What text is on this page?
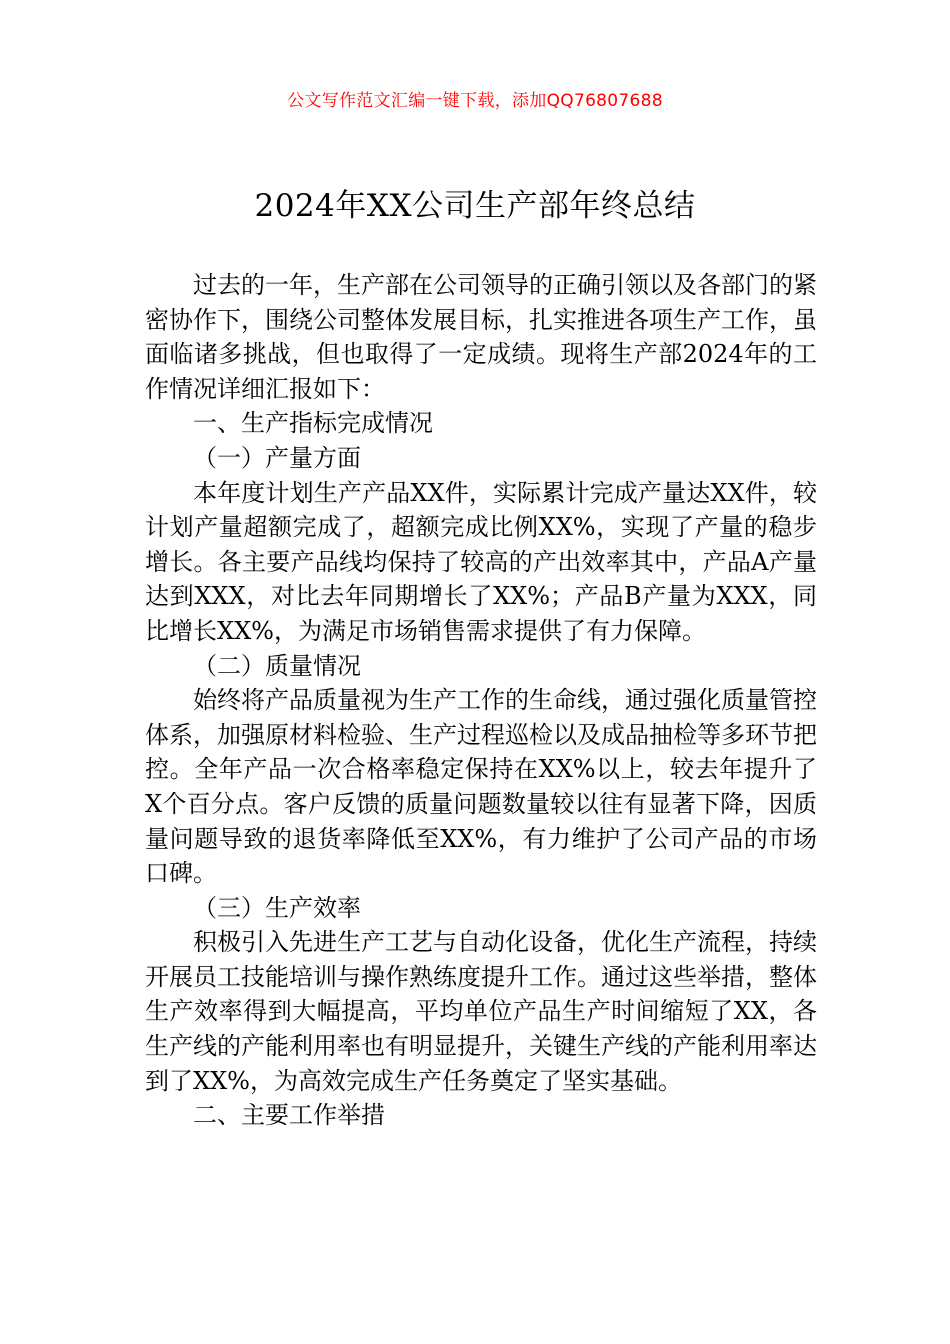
公文写作范文汇编一键下载，添加QQ76807688
2024年XX公司生产部年终总结

过去的一年，生产部在公司领导的正确引领以及各部门的紧密协作下，围绕公司整体发展目标，扎实推进各项生产工作，虽面临诸多挑战，但也取得了一定成绩。现将生产部2024年的工作情况详细汇报如下：

一、生产指标完成情况

（一）产量方面

本年度计划生产产品XX件，实际累计完成产量达XX件，较计划产量超额完成了，超额完成比例XX%，实现了产量的稳步增长。各主要产品线均保持了较高的产出效率其中，产品A产量达到XXX，对比去年同期增长了XX%；产品B产量为XXX，同比增长XX%，为满足市场销售需求提供了有力保障。

（二）质量情况

始终将产品质量视为生产工作的生命线，通过强化质量管控体系，加强原材料检验、生产过程巡检以及成品抽检等多环节把控。全年产品一次合格率稳定保持在XX%以上，较去年提升了X个百分点。客户反馈的质量问题数量较以往有显著下降，因质量问题导致的退货率降低至XX%，有力维护了公司产品的市场口碑。

（三）生产效率

积极引入先进生产工艺与自动化设备，优化生产流程，持续开展员工技能培训与操作熟练度提升工作。通过这些举措，整体生产效率得到大幅提高，平均单位产品生产时间缩短了XX，各生产线的产能利用率也有明显提升，关键生产线的产能利用率达到了XX%，为高效完成生产任务奠定了坚实基础。

二、主要工作举措
